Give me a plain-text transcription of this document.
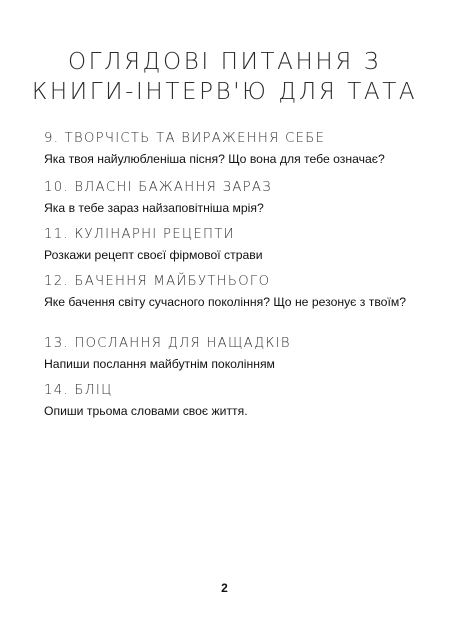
ОГЛЯДОВІ ПИТАННЯ З
КНИГИ-ІНТЕРВ'Ю ДЛЯ ТАТА
9. ТВОРЧІСТЬ ТА ВИРАЖЕННЯ СЕБЕ
Яка твоя найулюбленіша пісня? Що вона для тебе означає?
10. ВЛАСНІ БАЖАННЯ ЗАРАЗ
Яка в тебе зараз найзаповітніша мрія?
11. КУЛІНАРНІ РЕЦЕПТИ
Розкажи рецепт своєї фірмової страви
12. БАЧЕННЯ МАЙБУТНЬОГО
Яке бачення світу сучасного покоління? Що не резонує з твоїм?
13. ПОСЛАННЯ ДЛЯ НАЩАДКІВ
Напиши послання майбутнім поколінням
14. БЛІЦ
Опиши трьома словами своє життя.
2
